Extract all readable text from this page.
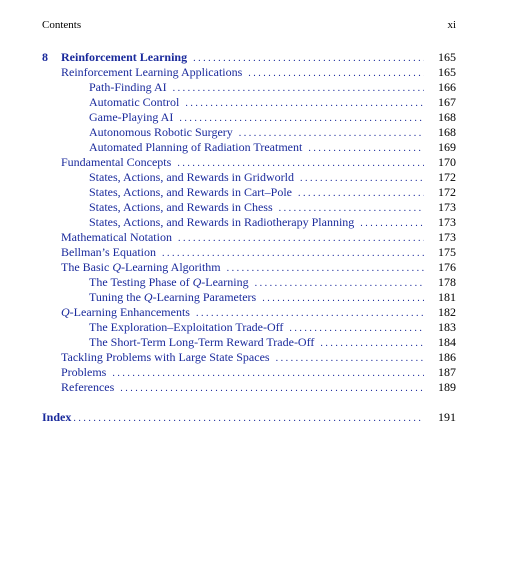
Contents	xi
8	Reinforcement Learning . . .	165
Reinforcement Learning Applications . . .	165
Path-Finding AI . . .	166
Automatic Control . . .	167
Game-Playing AI . . .	168
Autonomous Robotic Surgery . . .	168
Automated Planning of Radiation Treatment . . .	169
Fundamental Concepts . . .	170
States, Actions, and Rewards in Gridworld . . .	172
States, Actions, and Rewards in Cart–Pole . . .	172
States, Actions, and Rewards in Chess . . .	173
States, Actions, and Rewards in Radiotherapy Planning . . .	173
Mathematical Notation . . .	173
Bellman’s Equation . . .	175
The Basic Q-Learning Algorithm . . .	176
The Testing Phase of Q-Learning . . .	178
Tuning the Q-Learning Parameters . . .	181
Q-Learning Enhancements . . .	182
The Exploration–Exploitation Trade-Off . . .	183
The Short-Term Long-Term Reward Trade-Off . . .	184
Tackling Problems with Large State Spaces . . .	186
Problems . . .	187
References . . .	189
Index . . .	191
